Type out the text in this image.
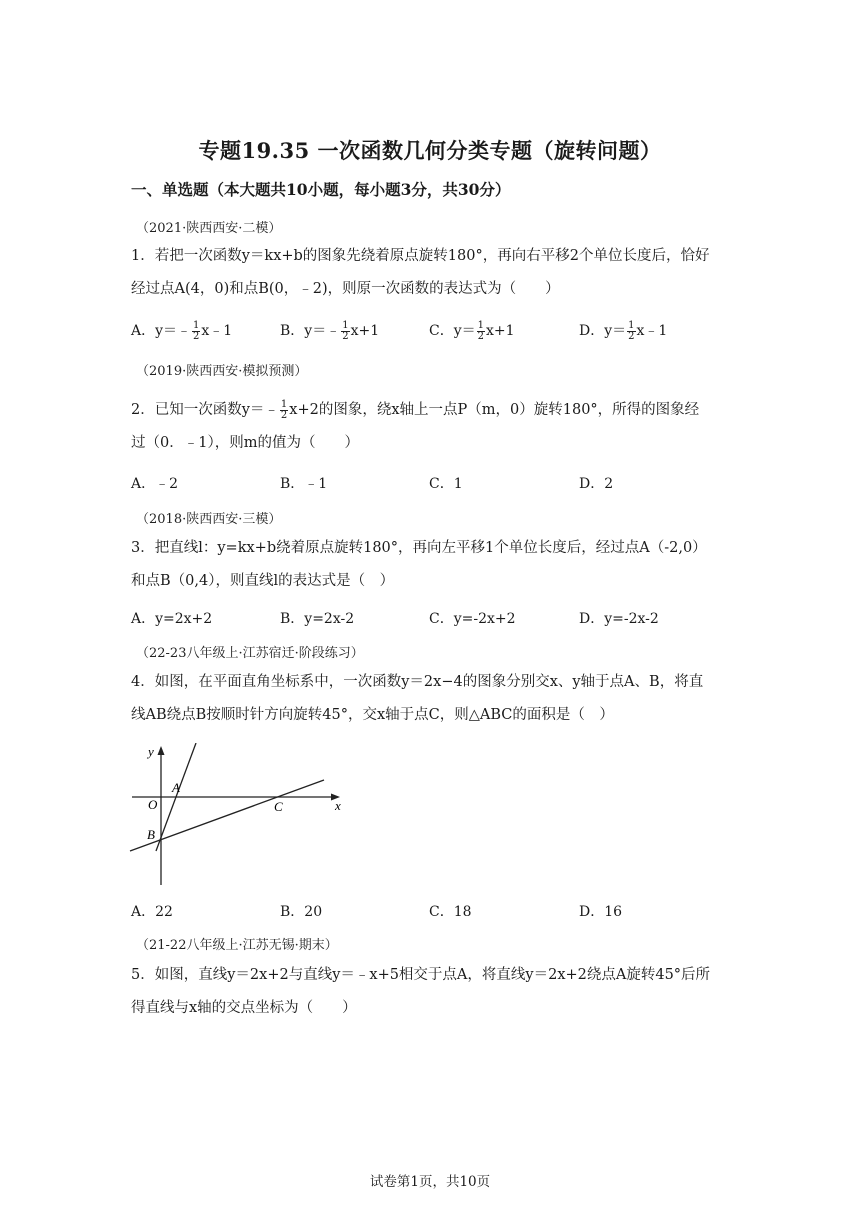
专题19.35 一次函数几何分类专题（旋转问题）
一、单选题（本大题共10小题，每小题3分，共30分）
（2021·陕西西安·二模）
1．若把一次函数y＝kx+b的图象先绕着原点旋转180°，再向右平移2个单位长度后，恰好
经过点A(4，0)和点B(0，﹣2)，则原一次函数的表达式为（　　）
A．y＝﹣ $\frac{1}{2}$ x﹣1	B．y＝﹣ $\frac{1}{2} x+1$	C．$y= \frac{1}{2} x+1$	D．$y= \frac{1}{2}$ x﹣1
（2019·陕西西安·模拟预测）
2．已知一次函数y＝﹣ $\frac{1}{2} x+2$的图象，绕x轴上一点P（m，0）旋转180°，所得的图象经
过（0．﹣1），则m的值为（　　）
A．﹣2	B．﹣1	C．1	D．2
（2018·陕西西安·三模）
3．把直线l：y=kx+b绕着原点旋转180°，再向左平移1个单位长度后，经过点A（-2,0）
和点B（0,4），则直线l的表达式是（　）
A．y=2x+2	B．y=2x-2	C．y=-2x+2	D．y=-2x-2
（22-23八年级上·江苏宿迁·阶段练习）
4．如图，在平面直角坐标系中，一次函数y＝2x−4的图象分别交x、y轴于点A、B，将直
线AB绕点B按顺时针方向旋转45°，交x轴于点C，则△ABC的面积是（　）
y
x
O
A
B
C
A．22	B．20	C．18	D．16
（21-22八年级上·江苏无锡·期末）
5．如图，直线y＝2x+2与直线y＝﹣x+5相交于点A，将直线y＝2x+2绕点A旋转45°后所
得直线与x轴的交点坐标为（　　）
试卷第1页，共10页
